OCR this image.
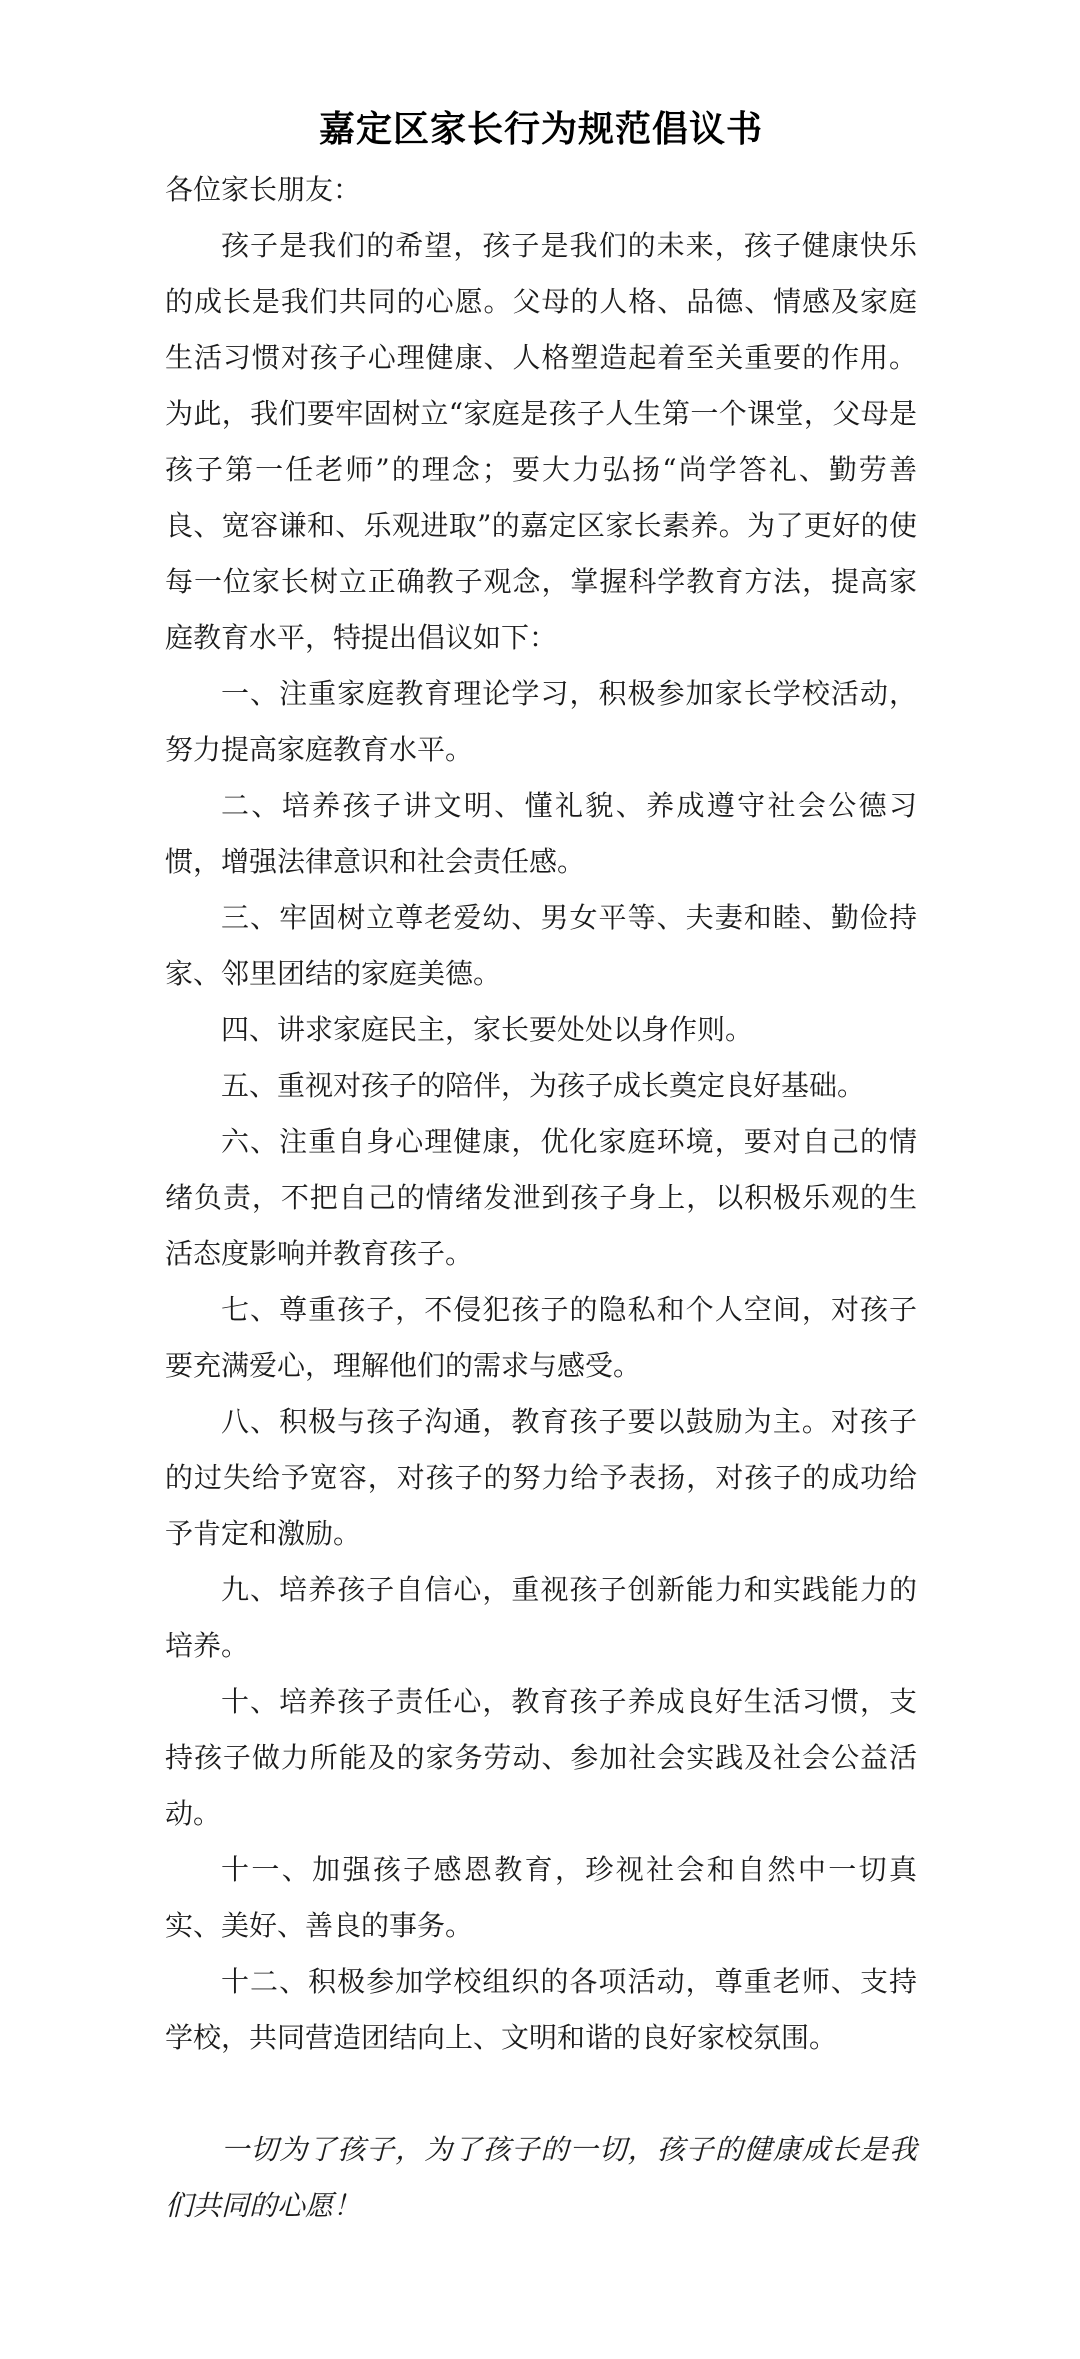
嘉定区家长行为规范倡议书

各位家长朋友：

孩子是我们的希望，孩子是我们的未来，孩子健康快乐的成长是我们共同的心愿。父母的人格、品德、情感及家庭生活习惯对孩子心理健康、人格塑造起着至关重要的作用。为此，我们要牢固树立“家庭是孩子人生第一个课堂，父母是孩子第一任老师”的理念；要大力弘扬“尚学答礼、勤劳善良、宽容谦和、乐观进取”的嘉定区家长素养。为了更好的使每一位家长树立正确教子观念，掌握科学教育方法，提高家庭教育水平，特提出倡议如下：

一、注重家庭教育理论学习，积极参加家长学校活动，努力提高家庭教育水平。

二、培养孩子讲文明、懂礼貌、养成遵守社会公德习惯，增强法律意识和社会责任感。

三、牢固树立尊老爱幼、男女平等、夫妻和睦、勤俭持家、邻里团结的家庭美德。

四、讲求家庭民主，家长要处处以身作则。

五、重视对孩子的陪伴，为孩子成长奠定良好基础。

六、注重自身心理健康，优化家庭环境，要对自己的情绪负责，不把自己的情绪发泄到孩子身上，以积极乐观的生活态度影响并教育孩子。

七、尊重孩子，不侵犯孩子的隐私和个人空间，对孩子要充满爱心，理解他们的需求与感受。

八、积极与孩子沟通，教育孩子要以鼓励为主。对孩子的过失给予宽容，对孩子的努力给予表扬，对孩子的成功给予肯定和激励。

九、培养孩子自信心，重视孩子创新能力和实践能力的培养。

十、培养孩子责任心，教育孩子养成良好生活习惯，支持孩子做力所能及的家务劳动、参加社会实践及社会公益活动。

十一、加强孩子感恩教育，珍视社会和自然中一切真实、美好、善良的事务。

十二、积极参加学校组织的各项活动，尊重老师、支持学校，共同营造团结向上、文明和谐的良好家校氛围。

一切为了孩子，为了孩子的一切，孩子的健康成长是我们共同的心愿！
